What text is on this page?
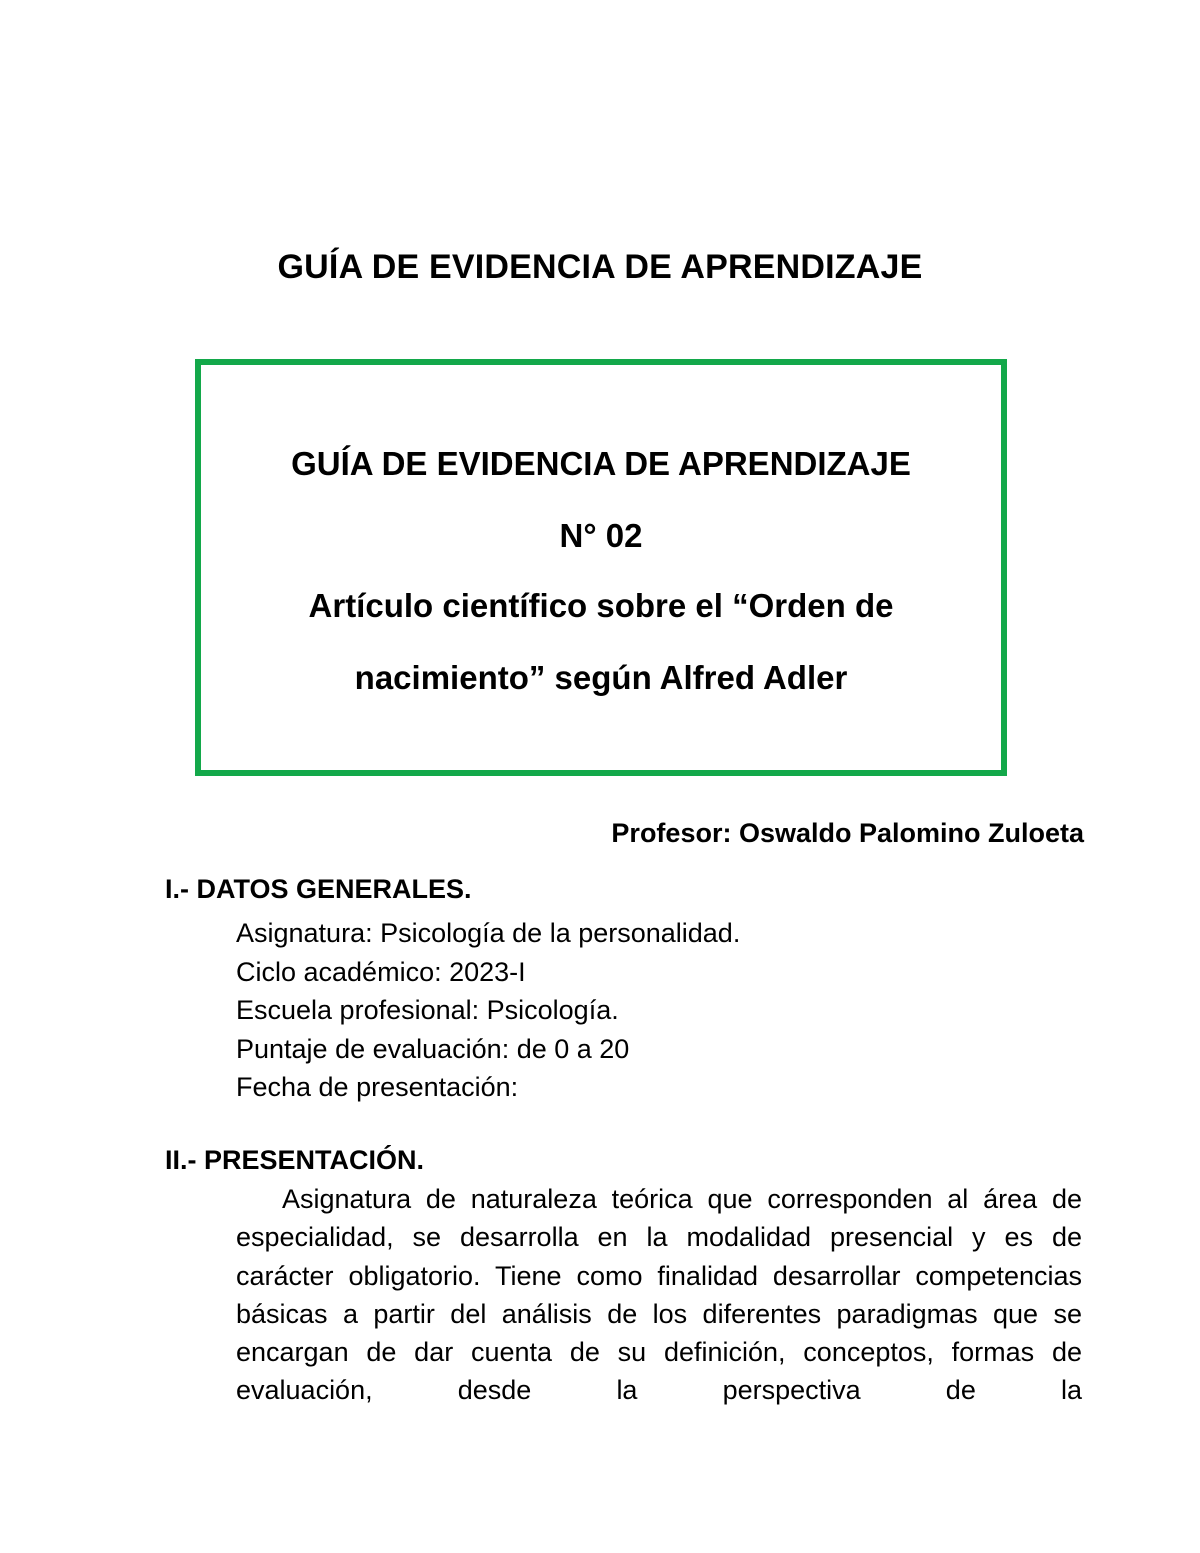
GUÍA DE EVIDENCIA DE APRENDIZAJE
GUÍA DE EVIDENCIA DE APRENDIZAJE
N° 02
Artículo científico sobre el “Orden de
nacimiento” según Alfred Adler
Profesor: Oswaldo Palomino Zuloeta
I.- DATOS GENERALES.
Asignatura: Psicología de la personalidad.
Ciclo académico: 2023-I
Escuela profesional: Psicología.
Puntaje de evaluación: de 0 a 20
Fecha de presentación:
II.- PRESENTACIÓN.

Asignatura de naturaleza teórica que corresponden al área de especialidad, se desarrolla en la modalidad presencial y es de carácter obligatorio. Tiene como finalidad desarrollar competencias básicas a partir del análisis de los diferentes paradigmas que se encargan de dar cuenta de su definición, conceptos, formas de evaluación, desde la perspectiva de la
